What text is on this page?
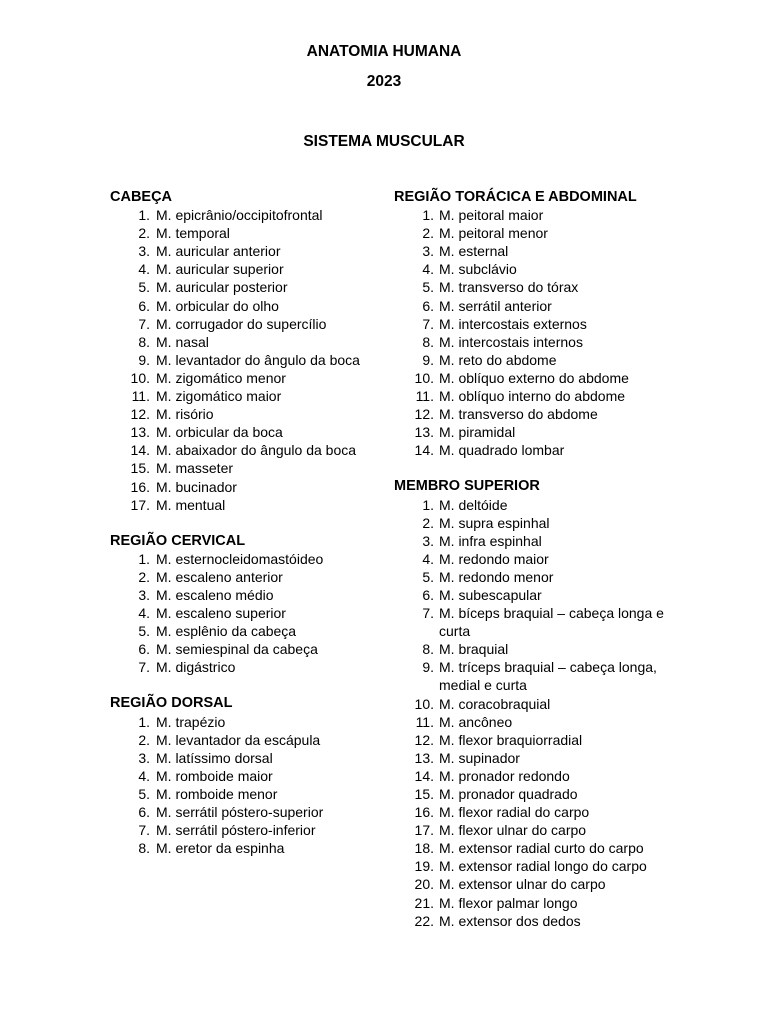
ANATOMIA HUMANA
2023
SISTEMA MUSCULAR
CABEÇA
1. M. epicrânio/occipitofrontal
2. M. temporal
3. M. auricular anterior
4. M. auricular superior
5. M. auricular posterior
6. M. orbicular do olho
7. M. corrugador do supercílio
8. M. nasal
9. M. levantador do ângulo da boca
10. M. zigomático menor
11. M. zigomático maior
12. M. risório
13. M. orbicular da boca
14. M. abaixador do ângulo da boca
15. M. masseter
16. M. bucinador
17. M. mentual
REGIÃO CERVICAL
1. M. esternocleidomastóideo
2. M. escaleno anterior
3. M. escaleno médio
4. M. escaleno superior
5. M. esplênio da cabeça
6. M. semiespinal da cabeça
7. M. digástrico
REGIÃO DORSAL
1. M. trapézio
2. M. levantador da escápula
3. M. latíssimo dorsal
4. M. romboide maior
5. M. romboide menor
6. M. serrátil póstero-superior
7. M. serrátil póstero-inferior
8. M. eretor da espinha
REGIÃO TORÁCICA E ABDOMINAL
1. M. peitoral maior
2. M. peitoral menor
3. M. esternal
4. M. subclávio
5. M. transverso do tórax
6. M. serrátil anterior
7. M. intercostais externos
8. M. intercostais internos
9. M. reto do abdome
10. M. oblíquo externo do abdome
11. M. oblíquo interno do abdome
12. M. transverso do abdome
13. M. piramidal
14. M. quadrado lombar
MEMBRO SUPERIOR
1. M. deltóide
2. M. supra espinhal
3. M. infra espinhal
4. M. redondo maior
5. M. redondo menor
6. M. subescapular
7. M. bíceps braquial – cabeça longa e curta
8. M. braquial
9. M. tríceps braquial – cabeça longa, medial e curta
10. M. coracobraquial
11. M. ancôneo
12. M. flexor braquiorradial
13. M. supinador
14. M. pronador redondo
15. M. pronador quadrado
16. M. flexor radial do carpo
17. M. flexor ulnar do carpo
18. M. extensor radial curto do carpo
19. M. extensor radial longo do carpo
20. M. extensor ulnar do carpo
21. M. flexor palmar longo
22. M. extensor dos dedos
